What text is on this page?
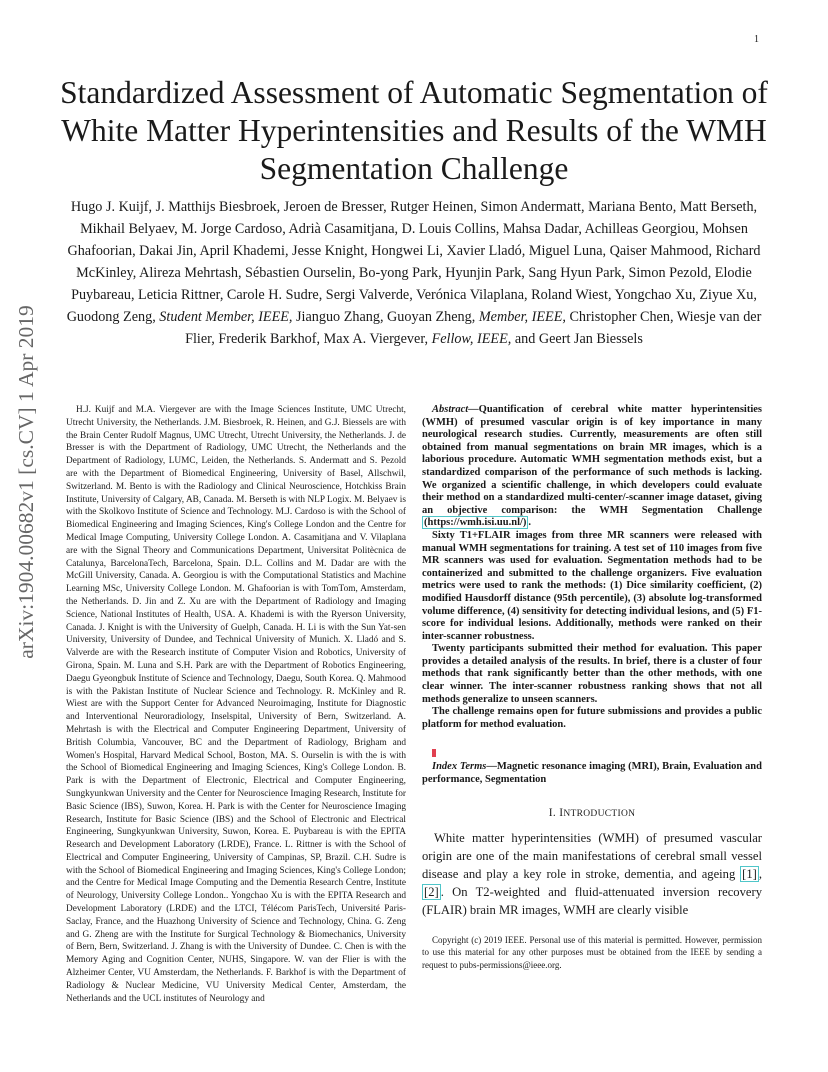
1
arXiv:1904.00682v1 [cs.CV] 1 Apr 2019
Standardized Assessment of Automatic Segmentation of White Matter Hyperintensities and Results of the WMH Segmentation Challenge
Hugo J. Kuijf, J. Matthijs Biesbroek, Jeroen de Bresser, Rutger Heinen, Simon Andermatt, Mariana Bento, Matt Berseth, Mikhail Belyaev, M. Jorge Cardoso, Adrià Casamitjana, D. Louis Collins, Mahsa Dadar, Achilleas Georgiou, Mohsen Ghafoorian, Dakai Jin, April Khademi, Jesse Knight, Hongwei Li, Xavier Lladó, Miguel Luna, Qaiser Mahmood, Richard McKinley, Alireza Mehrtash, Sébastien Ourselin, Bo-yong Park, Hyunjin Park, Sang Hyun Park, Simon Pezold, Elodie Puybareau, Leticia Rittner, Carole H. Sudre, Sergi Valverde, Verónica Vilaplana, Roland Wiest, Yongchao Xu, Ziyue Xu, Guodong Zeng, Student Member, IEEE, Jianguo Zhang, Guoyan Zheng, Member, IEEE, Christopher Chen, Wiesje van der Flier, Frederik Barkhof, Max A. Viergever, Fellow, IEEE, and Geert Jan Biessels

H.J. Kuijf and M.A. Viergever are with the Image Sciences Institute, UMC Utrecht, Utrecht University, the Netherlands. J.M. Biesbroek, R. Heinen, and G.J. Biessels are with the Brain Center Rudolf Magnus, UMC Utrecht, Utrecht University, the Netherlands. J. de Bresser is with the Department of Radiology, UMC Utrecht, the Netherlands and the Department of Radiology, LUMC, Leiden, the Netherlands. S. Andermatt and S. Pezold are with the Department of Biomedical Engineering, University of Basel, Allschwil, Switzerland. M. Bento is with the Radiology and Clinical Neuroscience, Hotchkiss Brain Institute, University of Calgary, AB, Canada. M. Berseth is with NLP Logix. M. Belyaev is with the Skolkovo Institute of Science and Technology. M.J. Cardoso is with the School of Biomedical Engineering and Imaging Sciences, King's College London and the Centre for Medical Image Computing, University College London. A. Casamitjana and V. Vilaplana are with the Signal Theory and Communications Department, Universitat Politècnica de Catalunya, BarcelonaTech, Barcelona, Spain. D.L. Collins and M. Dadar are with the McGill University, Canada. A. Georgiou is with the Computational Statistics and Machine Learning MSc, University College London. M. Ghafoorian is with TomTom, Amsterdam, the Netherlands. D. Jin and Z. Xu are with the Department of Radiology and Imaging Science, National Institutes of Health, USA. A. Khademi is with the Ryerson University, Canada. J. Knight is with the University of Guelph, Canada. H. Li is with the Sun Yat-sen University, University of Dundee, and Technical University of Munich. X. Lladó and S. Valverde are with the Research institute of Computer Vision and Robotics, University of Girona, Spain. M. Luna and S.H. Park are with the Department of Robotics Engineering, Daegu Gyeongbuk Institute of Science and Technology, Daegu, South Korea. Q. Mahmood is with the Pakistan Institute of Nuclear Science and Technology. R. McKinley and R. Wiest are with the Support Center for Advanced Neuroimaging, Institute for Diagnostic and Interventional Neuroradiology, Inselspital, University of Bern, Switzerland. A. Mehrtash is with the Electrical and Computer Engineering Department, University of British Columbia, Vancouver, BC and the Department of Radiology, Brigham and Women's Hospital, Harvard Medical School, Boston, MA. S. Ourselin is with the is with the School of Biomedical Engineering and Imaging Sciences, King's College London. B. Park is with the Department of Electronic, Electrical and Computer Engineering, Sungkyunkwan University and the Center for Neuroscience Imaging Research, Institute for Basic Science (IBS), Suwon, Korea. H. Park is with the Center for Neuroscience Imaging Research, Institute for Basic Science (IBS) and the School of Electronic and Electrical Engineering, Sungkyunkwan University, Suwon, Korea. E. Puybareau is with the EPITA Research and Development Laboratory (LRDE), France. L. Rittner is with the School of Electrical and Computer Engineering, University of Campinas, SP, Brazil. C.H. Sudre is with the School of Biomedical Engineering and Imaging Sciences, King's College London; and the Centre for Medical Image Computing and the Dementia Research Centre, Institute of Neurology, University College London.. Yongchao Xu is with the EPITA Research and Development Laboratory (LRDE) and the LTCI, Télécom ParisTech, Université Paris-Saclay, France, and the Huazhong University of Science and Technology, China. G. Zeng and G. Zheng are with the Institute for Surgical Technology & Biomechanics, University of Bern, Bern, Switzerland. J. Zhang is with the University of Dundee. C. Chen is with the Memory Aging and Cognition Center, NUHS, Singapore. W. van der Flier is with the Alzheimer Center, VU Amsterdam, the Netherlands. F. Barkhof is with the Department of Radiology & Nuclear Medicine, VU University Medical Center, Amsterdam, the Netherlands and the UCL institutes of Neurology and

Abstract—Quantification of cerebral white matter hyperintensities (WMH) of presumed vascular origin is of key importance in many neurological research studies. Currently, measurements are often still obtained from manual segmentations on brain MR images, which is a laborious procedure. Automatic WMH segmentation methods exist, but a standardized comparison of the performance of such methods is lacking. We organized a scientific challenge, in which developers could evaluate their method on a standardized multi-center/-scanner image dataset, giving an objective comparison: the WMH Segmentation Challenge (https://wmh.isi.uu.nl/) .

Sixty T1+FLAIR images from three MR scanners were released with manual WMH segmentations for training. A test set of 110 images from five MR scanners was used for evaluation. Segmentation methods had to be containerized and submitted to the challenge organizers. Five evaluation metrics were used to rank the methods: (1) Dice similarity coefficient, (2) modified Hausdorff distance (95th percentile), (3) absolute log-transformed volume difference, (4) sensitivity for detecting individual lesions, and (5) F1-score for individual lesions. Additionally, methods were ranked on their inter-scanner robustness.

Twenty participants submitted their method for evaluation. This paper provides a detailed analysis of the results. In brief, there is a cluster of four methods that rank significantly better than the other methods, with one clear winner. The inter-scanner robustness ranking shows that not all methods generalize to unseen scanners.

The challenge remains open for future submissions and provides a public platform for method evaluation.

Index Terms—Magnetic resonance imaging (MRI), Brain, Evaluation and performance, Segmentation

I. INTRODUCTION

White matter hyperintensities (WMH) of presumed vascular origin are one of the main manifestations of cerebral small vessel disease and play a key role in stroke, dementia, and ageing [1] , [2] . On T2-weighted and fluid-attenuated inversion recovery (FLAIR) brain MR images, WMH are clearly visible

Copyright (c) 2019 IEEE. Personal use of this material is permitted. However, permission to use this material for any other purposes must be obtained from the IEEE by sending a request to pubs-permissions@ieee.org.
